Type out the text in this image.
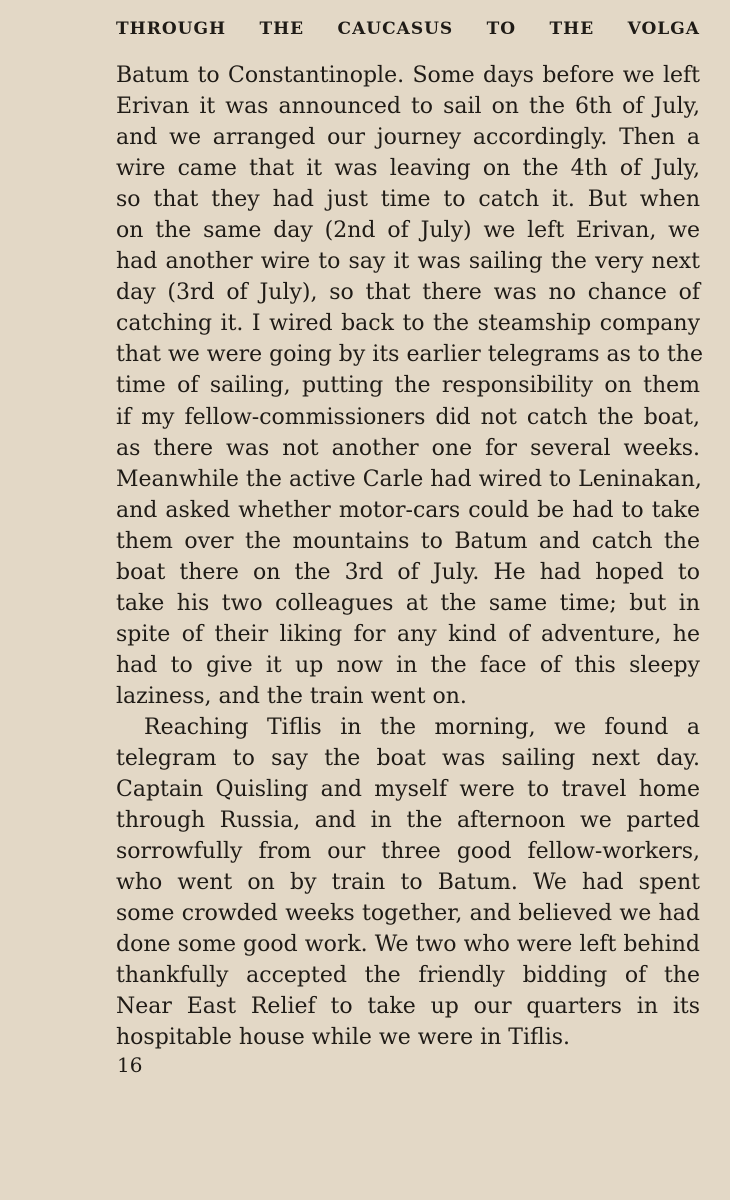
THROUGH THE CAUCASUS TO THE VOLGA
Batum to Constantinople. Some days before we left
Erivan it was announced to sail on the 6th of July,
and we arranged our journey accordingly. Then a
wire came that it was leaving on the 4th of July,
so that they had just time to catch it. But when
on the same day (2nd of July) we left Erivan, we
had another wire to say it was sailing the very next
day (3rd of July), so that there was no chance of
catching it. I wired back to the steamship company
that we were going by its earlier telegrams as to the
time of sailing, putting the responsibility on them
if my fellow-commissioners did not catch the boat,
as there was not another one for several weeks.
Meanwhile the active Carle had wired to Leninakan,
and asked whether motor-cars could be had to take
them over the mountains to Batum and catch the
boat there on the 3rd of July. He had hoped to
take his two colleagues at the same time; but in
spite of their liking for any kind of adventure, he
had to give it up now in the face of this sleepy
laziness, and the train went on.
Reaching Tiflis in the morning, we found a
telegram to say the boat was sailing next day.
Captain Quisling and myself were to travel home
through Russia, and in the afternoon we parted
sorrowfully from our three good fellow-workers,
who went on by train to Batum. We had spent
some crowded weeks together, and believed we had
done some good work. We two who were left behind
thankfully accepted the friendly bidding of the
Near East Relief to take up our quarters in its
hospitable house while we were in Tiflis.
16
